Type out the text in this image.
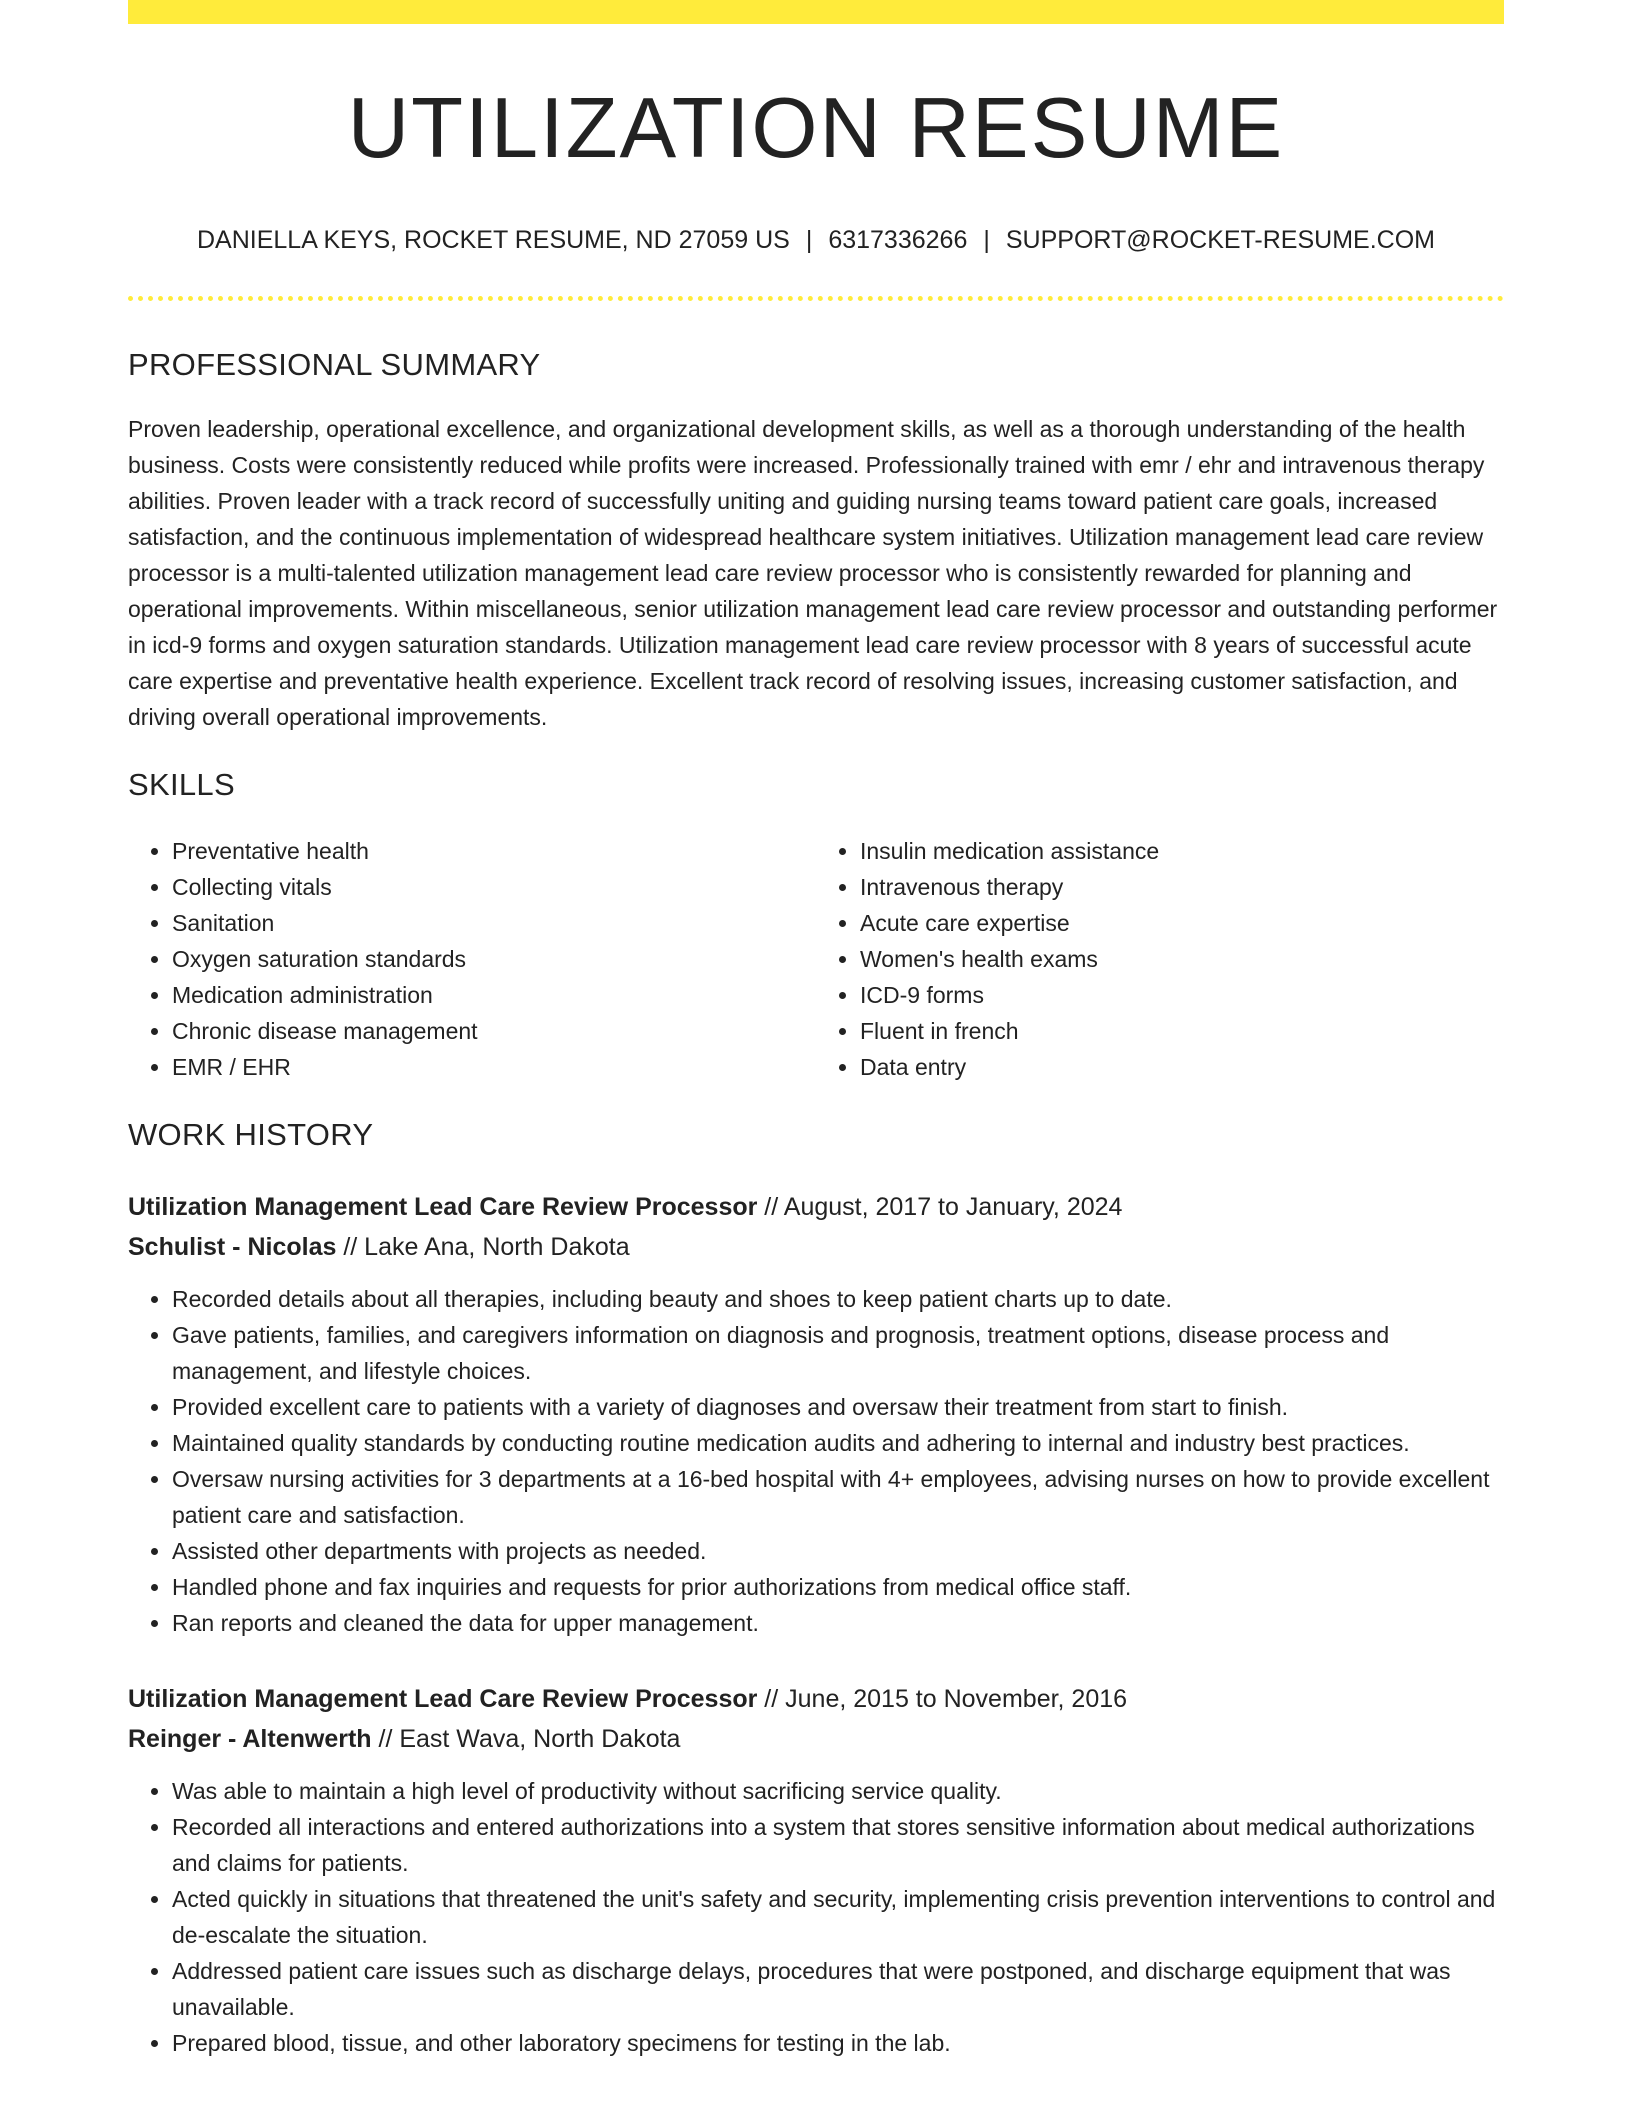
UTILIZATION RESUME
DANIELLA KEYS, ROCKET RESUME, ND 27059 US | 6317336266 | SUPPORT@ROCKET-RESUME.COM
PROFESSIONAL SUMMARY

Proven leadership, operational excellence, and organizational development skills, as well as a thorough understanding of the health business. Costs were consistently reduced while profits were increased. Professionally trained with emr / ehr and intravenous therapy abilities. Proven leader with a track record of successfully uniting and guiding nursing teams toward patient care goals, increased satisfaction, and the continuous implementation of widespread healthcare system initiatives. Utilization management lead care review processor is a multi-talented utilization management lead care review processor who is consistently rewarded for planning and operational improvements. Within miscellaneous, senior utilization management lead care review processor and outstanding performer in icd-9 forms and oxygen saturation standards. Utilization management lead care review processor with 8 years of successful acute care expertise and preventative health experience. Excellent track record of resolving issues, increasing customer satisfaction, and driving overall operational improvements.

SKILLS
• Preventative health
• Collecting vitals
• Sanitation
• Oxygen saturation standards
• Medication administration
• Chronic disease management
• EMR / EHR
• Insulin medication assistance
• Intravenous therapy
• Acute care expertise
• Women's health exams
• ICD-9 forms
• Fluent in french
• Data entry
WORK HISTORY
Utilization Management Lead Care Review Processor // August, 2017 to January, 2024
Schulist - Nicolas // Lake Ana, North Dakota
• Recorded details about all therapies, including beauty and shoes to keep patient charts up to date.
• Gave patients, families, and caregivers information on diagnosis and prognosis, treatment options, disease process and management, and lifestyle choices.
• Provided excellent care to patients with a variety of diagnoses and oversaw their treatment from start to finish.
• Maintained quality standards by conducting routine medication audits and adhering to internal and industry best practices.
• Oversaw nursing activities for 3 departments at a 16-bed hospital with 4+ employees, advising nurses on how to provide excellent patient care and satisfaction.
• Assisted other departments with projects as needed.
• Handled phone and fax inquiries and requests for prior authorizations from medical office staff.
• Ran reports and cleaned the data for upper management.
Utilization Management Lead Care Review Processor // June, 2015 to November, 2016
Reinger - Altenwerth // East Wava, North Dakota
• Was able to maintain a high level of productivity without sacrificing service quality.
• Recorded all interactions and entered authorizations into a system that stores sensitive information about medical authorizations and claims for patients.
• Acted quickly in situations that threatened the unit's safety and security, implementing crisis prevention interventions to control and de-escalate the situation.
• Addressed patient care issues such as discharge delays, procedures that were postponed, and discharge equipment that was unavailable.
• Prepared blood, tissue, and other laboratory specimens for testing in the lab.
